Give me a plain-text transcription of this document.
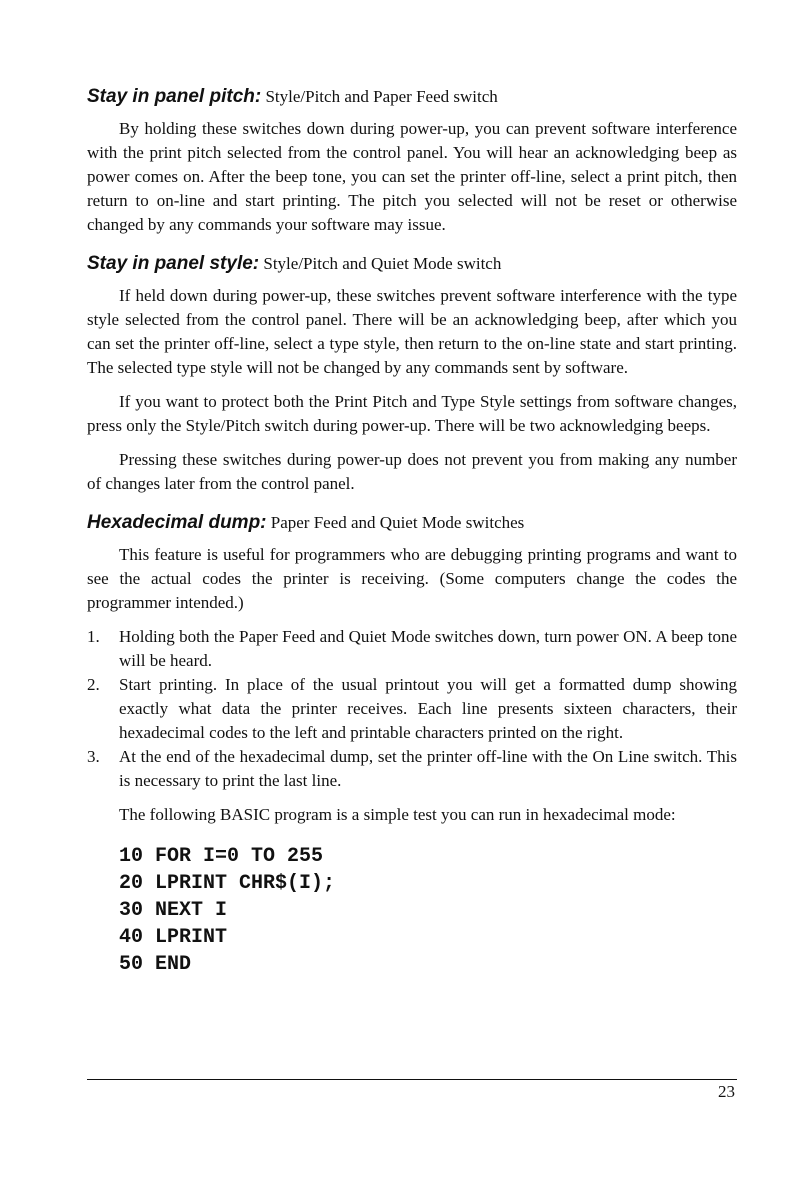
Stay in panel pitch: Style/Pitch and Paper Feed switch

By holding these switches down during power-up, you can prevent software interference with the print pitch selected from the control panel. You will hear an acknowledging beep as power comes on. After the beep tone, you can set the printer off-line, select a print pitch, then return to on-line and start printing. The pitch you selected will not be reset or otherwise changed by any commands your software may issue.

Stay in panel style: Style/Pitch and Quiet Mode switch

If held down during power-up, these switches prevent software interference with the type style selected from the control panel. There will be an acknowledging beep, after which you can set the printer off-line, select a type style, then return to the on-line state and start printing. The selected type style will not be changed by any commands sent by software.

If you want to protect both the Print Pitch and Type Style settings from software changes, press only the Style/Pitch switch during power-up. There will be two acknowledging beeps.

Pressing these switches during power-up does not prevent you from making any number of changes later from the control panel.

Hexadecimal dump: Paper Feed and Quiet Mode switches

This feature is useful for programmers who are debugging printing programs and want to see the actual codes the printer is receiving. (Some computers change the codes the programmer intended.)

1. Holding both the Paper Feed and Quiet Mode switches down, turn power ON. A beep tone will be heard.
2. Start printing. In place of the usual printout you will get a formatted dump showing exactly what data the printer receives. Each line presents sixteen characters, their hexadecimal codes to the left and printable characters printed on the right.
3. At the end of the hexadecimal dump, set the printer off-line with the On Line switch. This is necessary to print the last line.

The following BASIC program is a simple test you can run in hexadecimal mode:

10 FOR I=0 TO 255
20 LPRINT CHR$(I);
30 NEXT I
40 LPRINT
50 END
23
